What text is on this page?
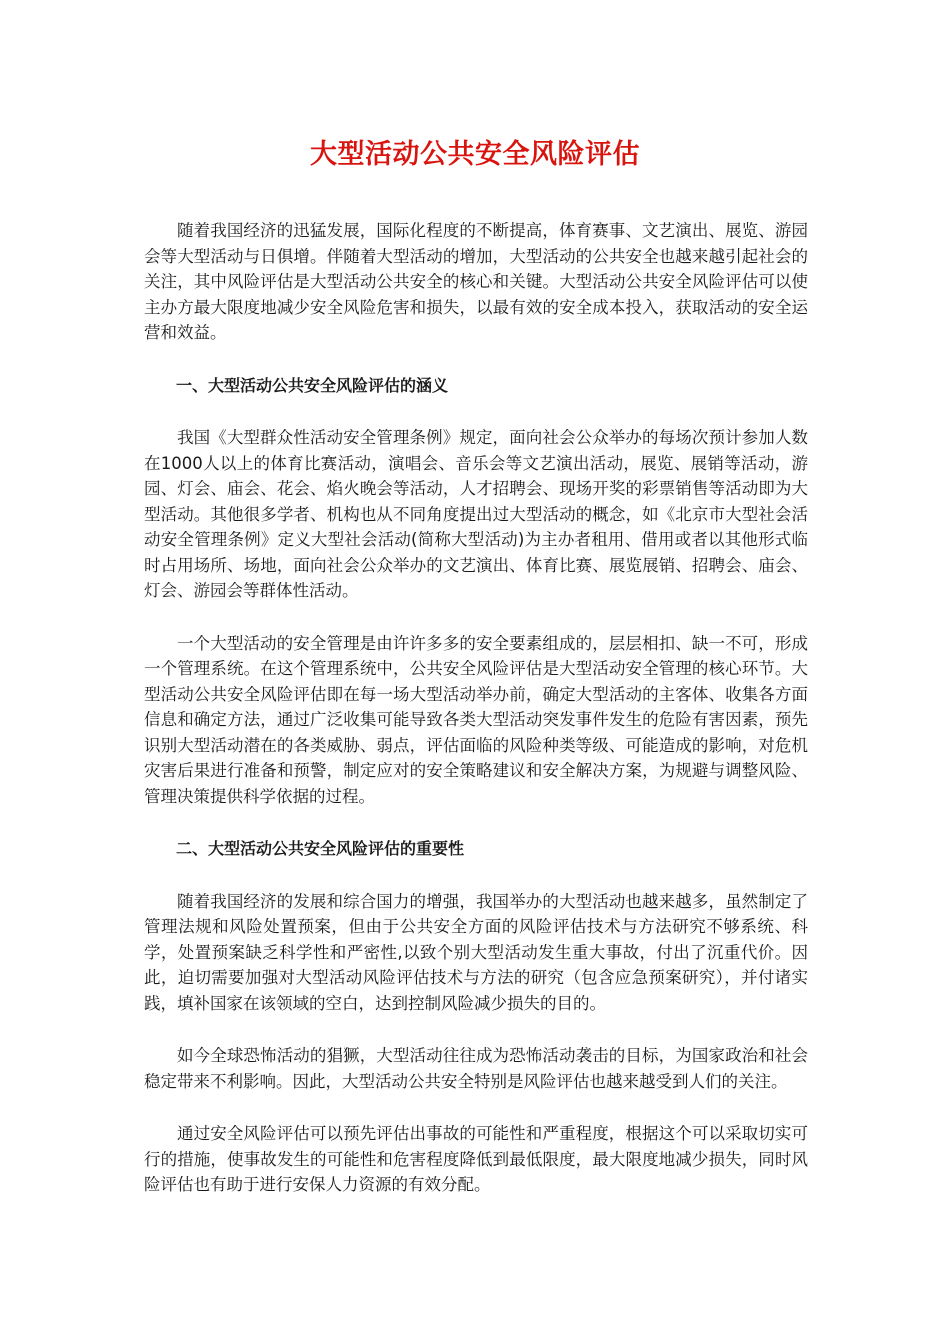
大型活动公共安全风险评估

随着我国经济的迅猛发展，国际化程度的不断提高，体育赛事、文艺演出、展览、游园会等大型活动与日俱增。伴随着大型活动的增加，大型活动的公共安全也越来越引起社会的关注，其中风险评估是大型活动公共安全的核心和关键。大型活动公共安全风险评估可以使主办方最大限度地减少安全风险危害和损失，以最有效的安全成本投入，获取活动的安全运营和效益。

一、大型活动公共安全风险评估的涵义

我国《大型群众性活动安全管理条例》规定，面向社会公众举办的每场次预计参加人数在1000人以上的体育比赛活动，演唱会、音乐会等文艺演出活动，展览、展销等活动，游园、灯会、庙会、花会、焰火晚会等活动，人才招聘会、现场开奖的彩票销售等活动即为大型活动。其他很多学者、机构也从不同角度提出过大型活动的概念，如《北京市大型社会活动安全管理条例》定义大型社会活动(简称大型活动)为主办者租用、借用或者以其他形式临时占用场所、场地，面向社会公众举办的文艺演出、体育比赛、展览展销、招聘会、庙会、灯会、游园会等群体性活动。

一个大型活动的安全管理是由许许多多的安全要素组成的，层层相扣、缺一不可，形成一个管理系统。在这个管理系统中，公共安全风险评估是大型活动安全管理的核心环节。大型活动公共安全风险评估即在每一场大型活动举办前，确定大型活动的主客体、收集各方面信息和确定方法，通过广泛收集可能导致各类大型活动突发事件发生的危险有害因素，预先识别大型活动潜在的各类威胁、弱点，评估面临的风险种类等级、可能造成的影响，对危机灾害后果进行准备和预警，制定应对的安全策略建议和安全解决方案，为规避与调整风险、管理决策提供科学依据的过程。

二、大型活动公共安全风险评估的重要性

随着我国经济的发展和综合国力的增强，我国举办的大型活动也越来越多，虽然制定了管理法规和风险处置预案，但由于公共安全方面的风险评估技术与方法研究不够系统、科学，处置预案缺乏科学性和严密性,以致个别大型活动发生重大事故，付出了沉重代价。因此，迫切需要加强对大型活动风险评估技术与方法的研究（包含应急预案研究），并付诸实践，填补国家在该领域的空白，达到控制风险减少损失的目的。

如今全球恐怖活动的猖獗，大型活动往往成为恐怖活动袭击的目标，为国家政治和社会稳定带来不利影响。因此，大型活动公共安全特别是风险评估也越来越受到人们的关注。

通过安全风险评估可以预先评估出事故的可能性和严重程度，根据这个可以采取切实可行的措施，使事故发生的可能性和危害程度降低到最低限度，最大限度地减少损失，同时风险评估也有助于进行安保人力资源的有效分配。
